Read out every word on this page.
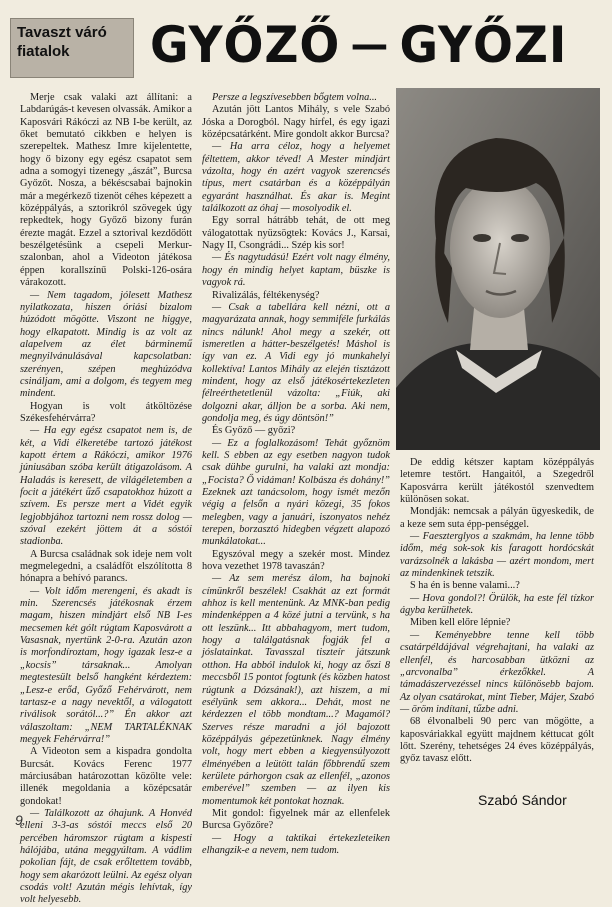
Tavaszt váró
fiatalok	GYŐZŐ — GYŐZI

Merje csak valaki azt állítani: a Labdarúgás-t kevesen olvassák. Amikor a Kaposvári Rákóczi az NB I-be került, az őket bemutató cikkben e helyen is szerepeltek. Mathesz Imre kijelentette, hogy ő bizony egy egész csapatot sem adna a somogyi tizenegy „ászát”, Burcsa Győzőt. Nosza, a békéscsabai bajnokin már a megérkező tizenöt céhes képezett a középpályás, a sztorikról szövegek úgy repkedtek, hogy Győző bizony furán érezte magát. Ezzel a sztorival kezdődött beszélgetésünk a csepeli Merkur-szalonban, ahol a Videoton játékosa éppen korallszínű Polski-126-osára várakozott.

— Nem tagadom, jólesett Mathesz nyilatkozata, hiszen óriási bizalom húzódott mögötte. Viszont ne higgye, hogy elkapatott. Mindig is az volt az alapelvem az élet bárminemű megnyilvánulásával kapcsolatban: szerényen, szépen meghúzódva csináljam, ami a dolgom, és tegyem meg mindent.

Hogyan is volt átköltözése Székesfehérvárra?

— Ha egy egész csapatot nem is, de két, a Vidi élkeretébe tartozó játékost kapott értem a Rákóczi, amikor 1976 júniusában szóba került átigazolásom. A Haladás is keresett, de világéletemben a focit a játékért űző csapatokhoz húzott a szívem. Es persze mert a Vidét egyik legjobbjához tartozni nem rossz dolog — szóval ezekért jöttem át a sóstói stadionba.

A Burcsa családnak sok ideje nem volt megmelegedni, a családfőt elszólította 8 hónapra a behívó parancs.

— Volt időm merengeni, és akadt is min. Szerencsés játékosnak érzem magam, hiszen mindjárt első NB I-es mecsemen két gólt rúgtam Kaposvárott a Vasasnak, nyertünk 2-0-ra. Azután azon is morfondíroztam, hogy igazak lesz-e a „kocsis” társaknak... Amolyan megtestesült belső hangként kérdeztem: „Lesz-e erőd, Győző Fehérvárott, nem tartasz-e a nagy nevektől, a válogatott riválisok sorától...?” Én akkor azt válaszoltam: „NEM TARTALÉKNAK megyek Fehérvárra!”

A Videoton sem a kispadra gondolta Burcsát. Kovács Ferenc 1977 márciusában határozottan közölte vele: illenék megoldania a középcsatár gondokat!

— Találkozott az óhajunk. A Honvéd elleni 3-3-as sóstói meccs első 20 percében háromszor rúgtam a kispesti hálójába, utána meggyúltam. A vádlim pokolian fájt, de csak erőltettem tovább, hogy sem akarózott leülni. Az egész olyan csodás volt! Azután mégis lehívtak, így volt helyesebb.

Persze a legszívesebben bőgtem volna...

Azután jött Lantos Mihály, s vele Szabó Jóska a Dorogból. Nagy hírfel, és egy igazi középcsatárként. Mire gondolt akkor Burcsa?

— Ha arra céloz, hogy a helyemet féltettem, akkor téved! A Mester mindjárt vázolta, hogy én azért vagyok szerencsés típus, mert csatárban és a középpályán egyaránt használhat. És akar is. Megint találkozott az óhaj — mosolyodik el.

Egy sorral hátrább tehát, de ott meg válogatottak nyüzsögtek: Kovács J., Karsai, Nagy II, Csongrádi... Szép kis sor!

— És nagytudású! Ezért volt nagy élmény, hogy én mindig helyet kaptam, büszke is vagyok rá.

Rivalizálás, féltékenység?

— Csak a tabellára kell nézni, ott a magyarázata annak, hogy semmiféle furkálás nincs nálunk! Ahol megy a szekér, ott ismeretlen a hátter-beszélgetés! Máshol is így van ez. A Vidi egy jó munkahelyi kollektíva! Lantos Mihály az elején tisztázott mindent, hogy az első játékosértekezleten félreérthetetlenül vázolta: „Fiúk, aki dolgozni akar, álljon be a sorba. Aki nem, gondolja meg, és úgy döntsön!”

És Győző — győzi?

— Ez a foglalkozásom! Tehát győznöm kell. S ebben az egy esetben nagyon tudok csak dühbe gurulni, ha valaki azt mondja: „Focista? Ő vidáman! Kolbásza és dohány!” Ezeknek azt tanácsolom, hogy ismét mezőn végig a felsőn a nyári közegi, 35 fokos melegben, vagy a januári, iszonyatos nehéz terepen, borzasztó hidegben végzett alapozó munkálatokat...

Egyszóval megy a szekér most. Mindez hova vezethet 1978 tavaszán?

— Az sem merész álom, ha bajnoki címünkről beszélek! Csakhát az ezt formát ahhoz is kell mentenünk. Az MNK-ban pedig mindenképpen a 4 közé jutni a tervünk, s ha ott leszünk... Itt abbahagyom, mert tudom, hogy a találgatásnak fogják fel a jóslatainkat. Tavasszal tiszteír játszunk otthon. Ha abból indulok ki, hogy az őszi 8 meccsből 15 pontot fogtunk (és közben hatost rúgtunk a Dózsának!), azt hiszem, a mi esélyünk sem akkora... Dehát, most ne kérdezzen el több mondtam...? Magamól? Szerves része maradni a jól bajozott középpályás gépezetünknek. Nagy élmény volt, hogy mert ebben a kiegyensúlyozott élményében a leütött talán főbbrendű szem kerülete párhorgon csak az ellenfél, „azonos emberével” szemben — az ilyen kis momentumok két pontokat hoznak.

Mit gondol: figyelnek már az ellenfelek Burcsa Győzőre?

— Hogy a taktikai értekezleteiken elhangzik-e a nevem, nem tudom.

De eddig kétszer kaptam középpályás letemre testőrt. Hangaitól, a Szegedről Kaposvárra került játékostól szenvedtem különösen sokat.

Mondják: nemcsak a pályán ügyeskedik, de a keze sem suta épp-penséggel.

— Faeszterglyos a szakmám, ha lenne több időm, még sok-sok kis faragott hordócskát varázsolnék a lakásba — azért mondom, mert az mindenkinek tetszik.

S ha én is benne valami...?

— Hova gondol?! Örülök, ha este fél tízkor ágyba kerülhetek.

Miben kell előre lépnie?

— Keményebbre tenne kell több csatárpéldájával végrehajtani, ha valaki az ellenfél, és harcosabban ütközni az „arcvonalba” érkezőkkel. A támadászervezéssel nincs különösebb bajom. Az olyan csatárokat, mint Tieber, Májer, Szabó — öröm indítani, tűzbe adni.

68 élvonalbeli 90 perc van mögötte, a kaposváriakkal együtt majdnem kéttucat gólt lőtt. Szerény, tehetséges 24 éves középpályás, győz tavasz előtt.

Szabó Sándor
9
